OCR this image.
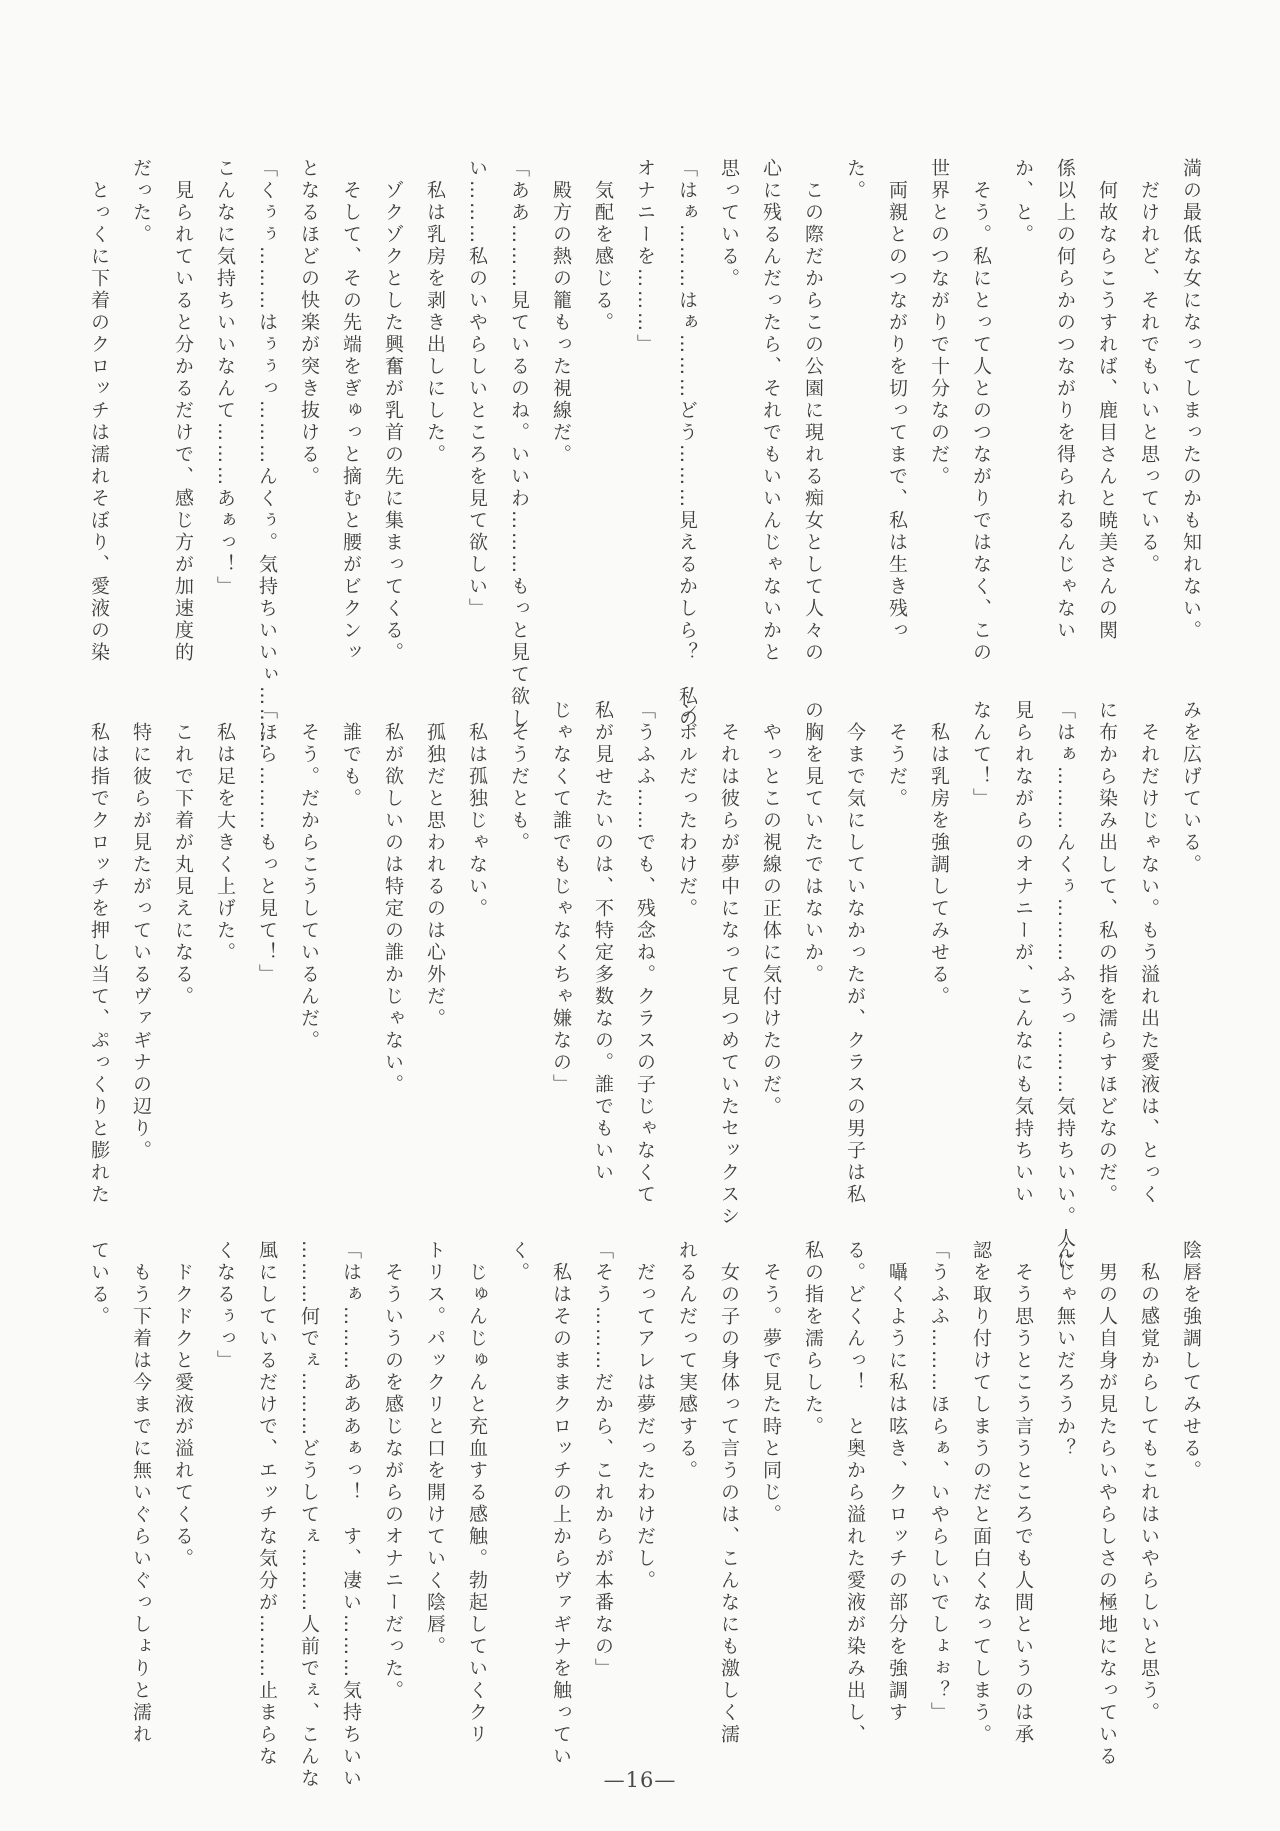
満の最低な女になってしまったのかも知れない。
だけれど、それでもいいと思っている。
何故ならこうすれば、鹿目さんと暁美さんの関
係以上の何らかのつながりを得られるんじゃない
か、と。
そう。私にとって人とのつながりではなく、この
世界とのつながりで十分なのだ。
両親とのつながりを切ってまで、私は生き残っ
た。
この際だからこの公園に現れる痴女として人々の
心に残るんだったら、それでもいいんじゃないかと
思っている。
「はぁ………はぁ………どう………見えるかしら？　私の
オナニーを………」
気配を感じる。
殿方の熱の籠もった視線だ。
「ああ………見ているのね。いいわ………もっと見て欲し
い………私のいやらしいところを見て欲しい」
私は乳房を剥き出しにした。
ゾクゾクとした興奮が乳首の先に集まってくる。
そして、その先端をぎゅっと摘むと腰がビクンッ
となるほどの快楽が突き抜ける。
「くぅぅ………はぅぅっ………んくぅ。気持ちいいぃ………
こんなに気持ちいいなんて………あぁっ！」
見られていると分かるだけで、感じ方が加速度的
だった。
とっくに下着のクロッチは濡れそぼり、愛液の染
みを広げている。
それだけじゃない。もう溢れ出た愛液は、とっく
に布から染み出して、私の指を濡らすほどなのだ。
「はぁ………んくぅ………ふうっ………気持ちいい。人に
見られながらのオナニーが、こんなにも気持ちいい
なんて！」
私は乳房を強調してみせる。
そうだ。
今まで気にしていなかったが、クラスの男子は私
の胸を見ていたではないか。
やっとこの視線の正体に気付けたのだ。
それは彼らが夢中になって見つめていたセックスシ
ンボルだったわけだ。
「うふふ……でも、残念ね。クラスの子じゃなくて
私が見せたいのは、不特定多数なの。誰でもいい
じゃなくて誰でもじゃなくちゃ嫌なの」
そうだとも。
私は孤独じゃない。
孤独だと思われるのは心外だ。
私が欲しいのは特定の誰かじゃない。
誰でも。
そう。だからこうしているんだ。
「ほら………もっと見て！」
私は足を大きく上げた。
これで下着が丸見えになる。
特に彼らが見たがっているヴァギナの辺り。
私は指でクロッチを押し当て、ぷっくりと膨れた
陰唇を強調してみせる。
私の感覚からしてもこれはいやらしいと思う。
男の人自身が見たらいやらしさの極地になっている
んじゃ無いだろうか？
そう思うとこう言うところでも人間というのは承
認を取り付けてしまうのだと面白くなってしまう。
「うふふ………ほらぁ、いやらしいでしょぉ？」
囁くように私は呟き、クロッチの部分を強調す
る。どくんっ！　と奥から溢れた愛液が染み出し、
私の指を濡らした。
そう。夢で見た時と同じ。
女の子の身体って言うのは、こんなにも激しく濡
れるんだって実感する。
だってアレは夢だったわけだし。
「そう………だから、これからが本番なの」
私はそのままクロッチの上からヴァギナを触ってい
く。
じゅんじゅんと充血する感触。勃起していくクリ
トリス。パックリと口を開けていく陰唇。
そういうのを感じながらのオナニーだった。
「はぁ………あああぁっ！　す、凄い………気持ちいい
………何でぇ………どうしてぇ………人前でぇ、こんな
風にしているだけで、エッチな気分が………止まらな
くなるぅっ」
ドクドクと愛液が溢れてくる。
もう下着は今までに無いぐらいぐっしょりと濡れ
ている。
—16—
